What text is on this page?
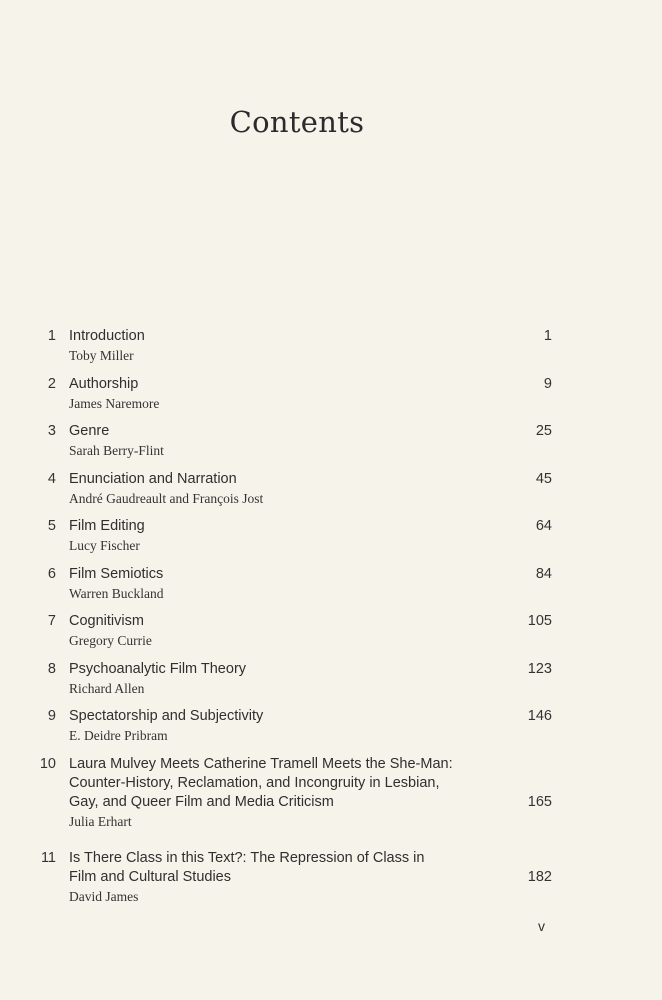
Contents
1 Introduction
Toby Miller
1
2 Authorship
James Naremore
9
3 Genre
Sarah Berry-Flint
25
4 Enunciation and Narration
André Gaudreault and François Jost
45
5 Film Editing
Lucy Fischer
64
6 Film Semiotics
Warren Buckland
84
7 Cognitivism
Gregory Currie
105
8 Psychoanalytic Film Theory
Richard Allen
123
9 Spectatorship and Subjectivity
E. Deidre Pribram
146
10 Laura Mulvey Meets Catherine Tramell Meets the She-Man:
Counter-History, Reclamation, and Incongruity in Lesbian,
Gay, and Queer Film and Media Criticism
Julia Erhart
165
11 Is There Class in this Text?: The Repression of Class in
Film and Cultural Studies
David James
182
v
